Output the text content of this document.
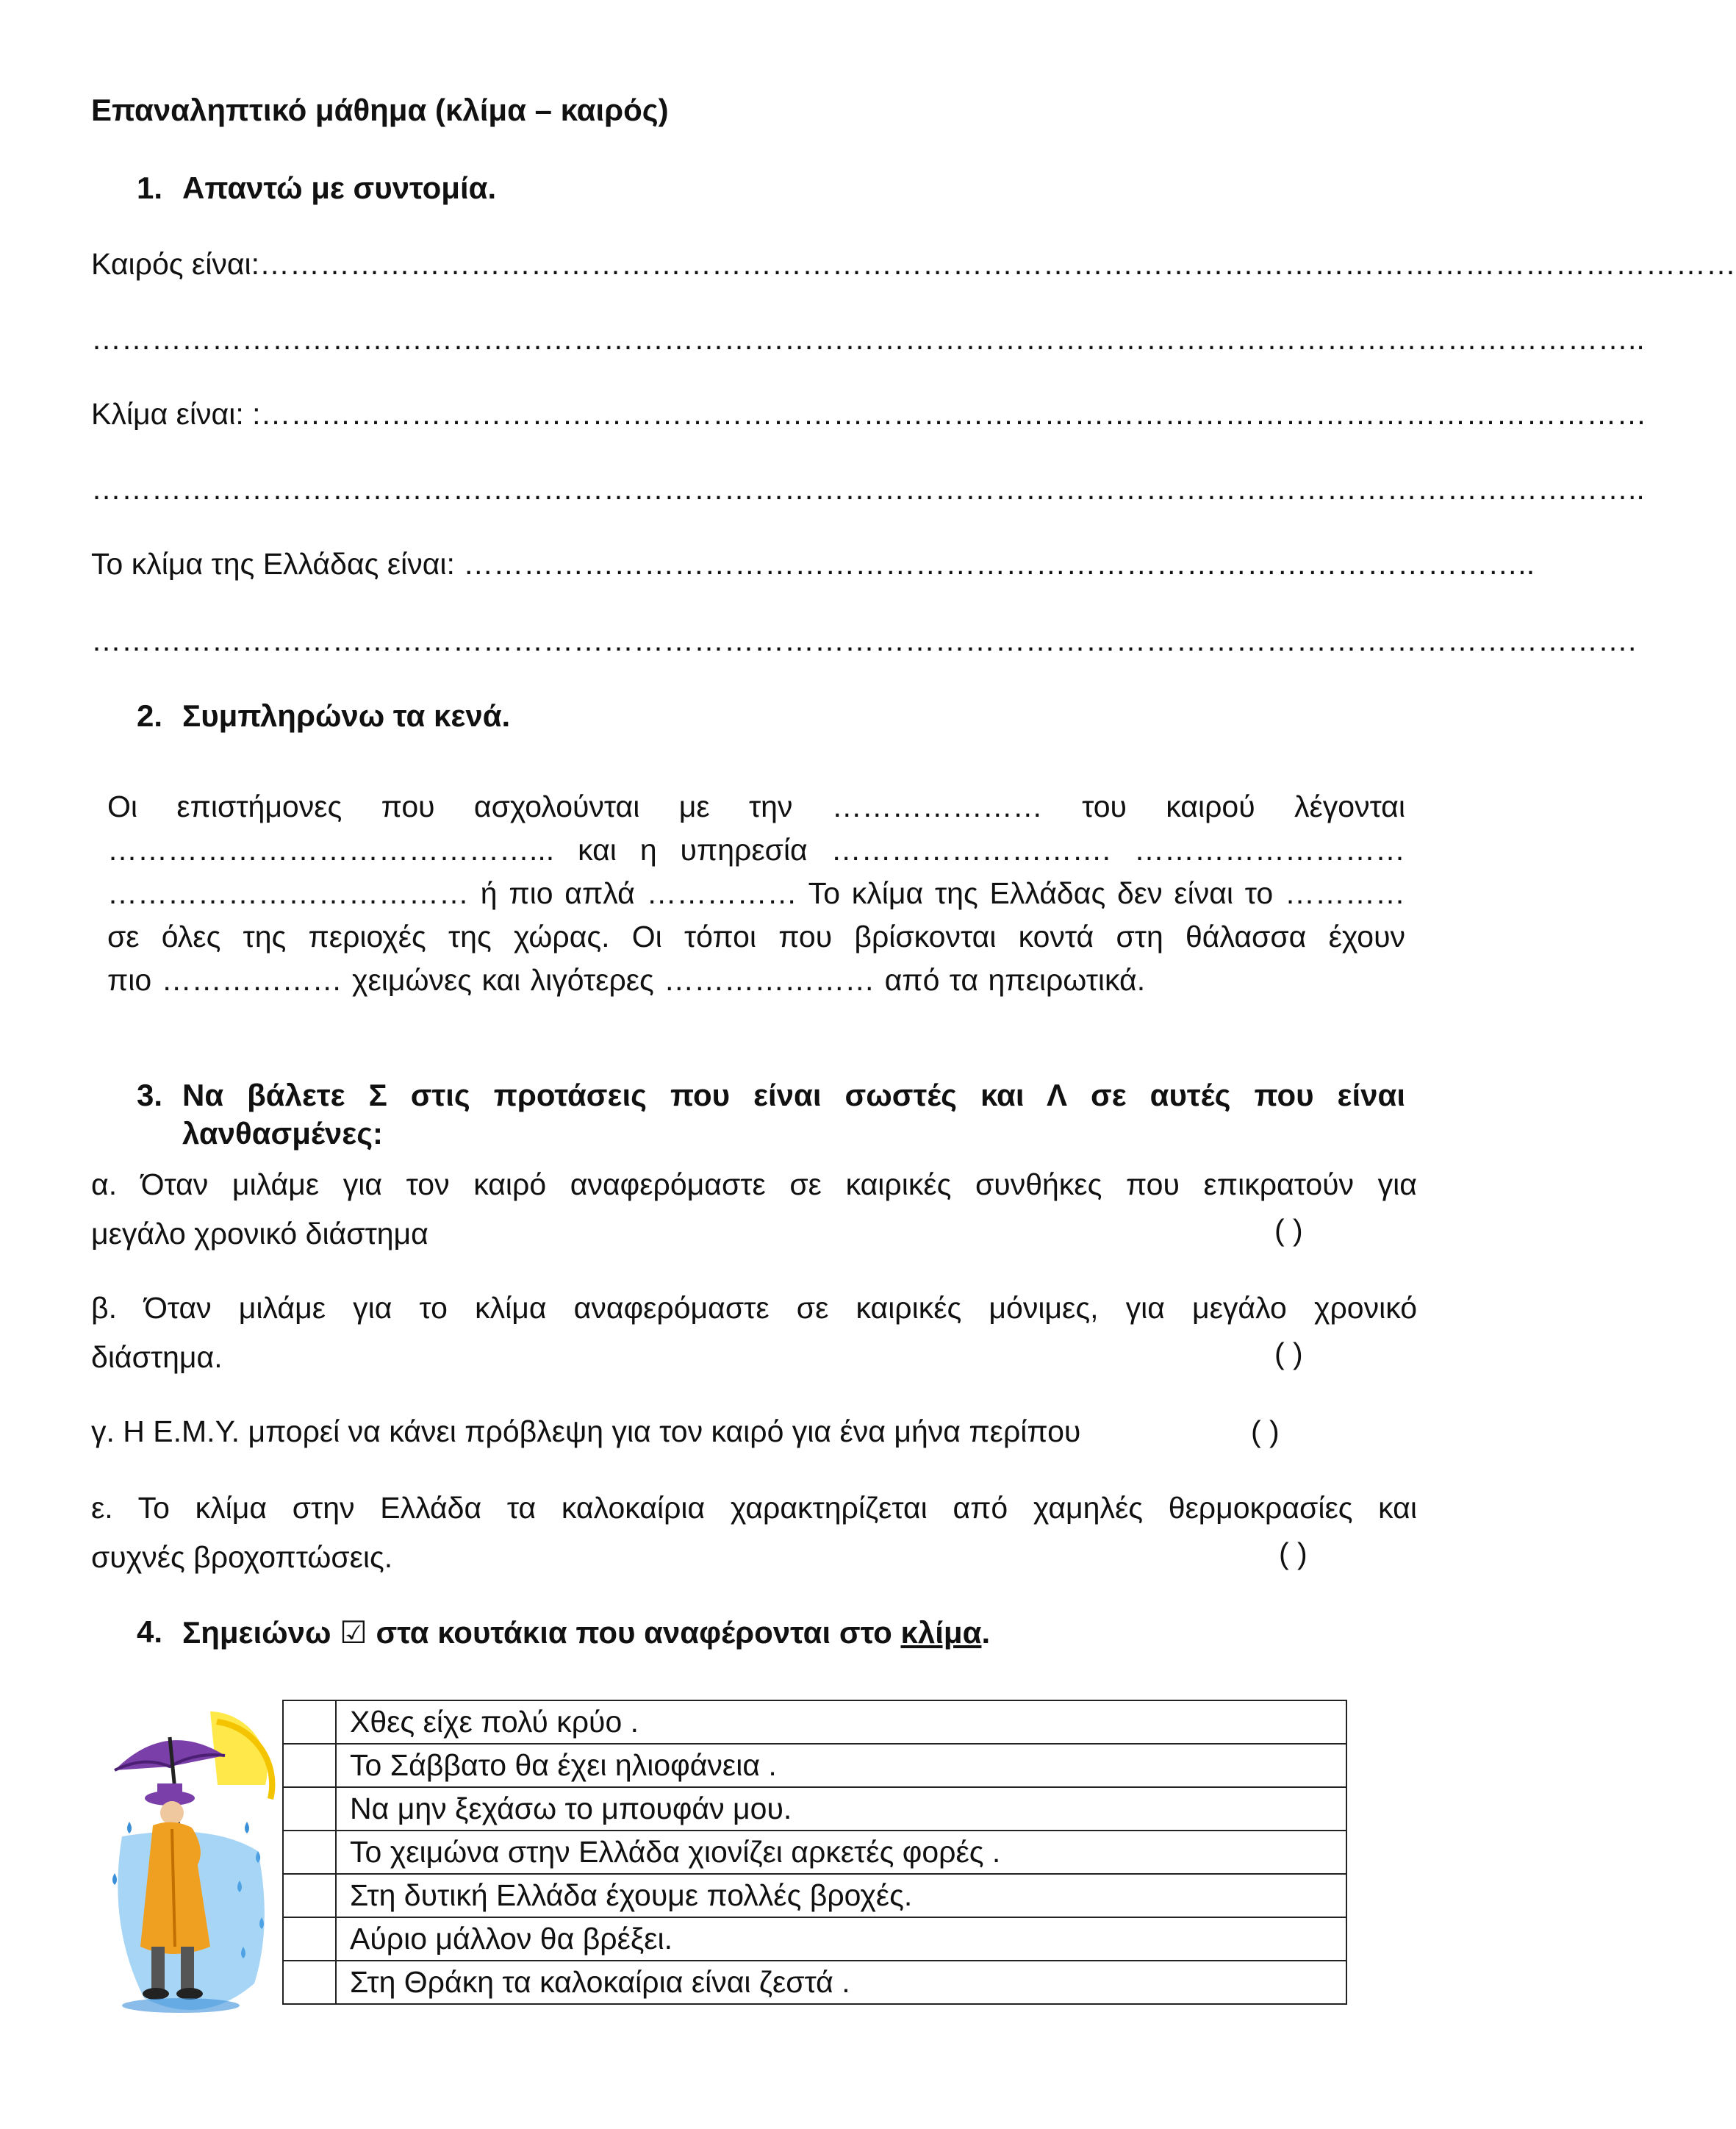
Επαναληπτικό μάθημα (κλίμα – καιρός)
1. Απαντώ με συντομία.
Καιρός είναι:…………………………………………………………………………………………………………………………………
………………………………………………………………………………………………………………………………………..
Κλίμα είναι: :…………………………………………………………………………………………………………………………
………………………………………………………………………………………………………………………………………..
Το κλίμα της Ελλάδας είναι: ……………………………………………………………………………………………..
……………………………………………………………………………………………………………………………………….
2. Συμπληρώνω τα κενά.
Οι επιστήμονες που ασχολούνται με την ………………… του καιρού λέγονται
……………………………………... και η υπηρεσία ………………………. ………………………
……………………………… ή πιο απλά …………… Το κλίμα της Ελλάδας δεν είναι το …………
σε όλες της περιοχές της χώρας. Οι τόποι που βρίσκονται κοντά στη θάλασσα έχουν
πιο ……………… χειμώνες και λιγότερες ………………… από τα ηπειρωτικά.
3. Να βάλετε Σ στις προτάσεις που είναι σωστές και Λ σε αυτές που είναι
λανθασμένες:
α. Όταν μιλάμε για τον καιρό αναφερόμαστε σε καιρικές συνθήκες που επικρατούν για
μεγάλο χρονικό διάστημα	( )
β. Όταν μιλάμε για το κλίμα αναφερόμαστε σε καιρικές μόνιμες, για μεγάλο χρονικό
διάστημα.	( )
γ. Η Ε.Μ.Υ. μπορεί να κάνει πρόβλεψη για τον καιρό για ένα μήνα περίπου	( )
ε. Το κλίμα στην Ελλάδα τα καλοκαίρια χαρακτηρίζεται από χαμηλές θερμοκρασίες και
συχνές βροχοπτώσεις.	( )
4. Σημειώνω ☑ στα κουτάκια που αναφέρονται στο κλίμα.
	Χθες είχε πολύ κρύο .
	Το Σάββατο θα έχει ηλιοφάνεια .
	Να μην ξεχάσω το μπουφάν μου.
	Το χειμώνα στην Ελλάδα χιονίζει αρκετές φορές .
	Στη δυτική Ελλάδα έχουμε πολλές βροχές.
	Αύριο μάλλον θα βρέξει.
	Στη Θράκη τα καλοκαίρια είναι ζεστά .
